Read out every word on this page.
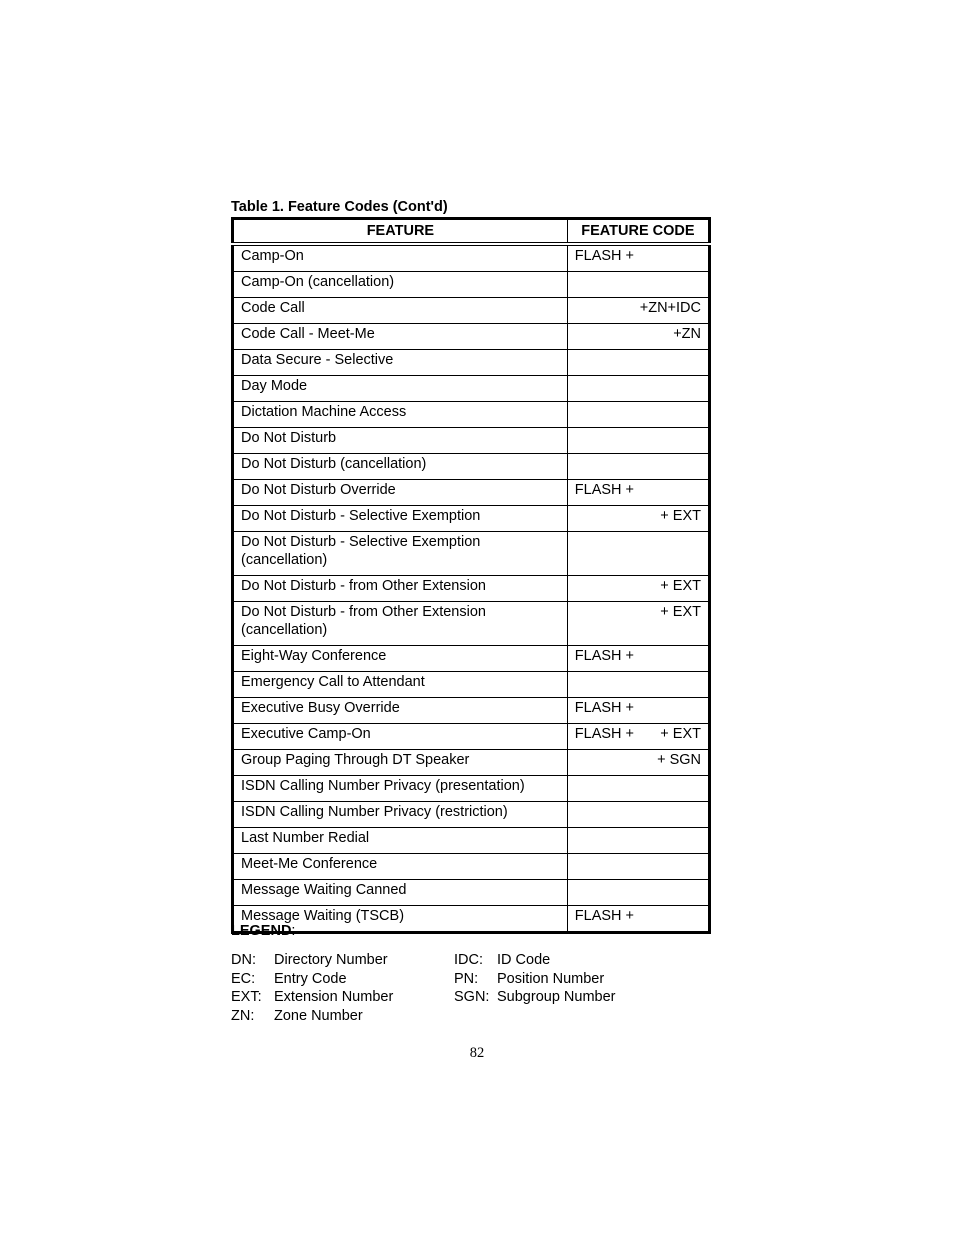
Table 1. Feature Codes (Cont'd)
FEATURE	FEATURE CODE
Camp-On	FLASH +

Camp-On (cancellation)	

Code Call	+ZN+IDC

Code Call - Meet-Me	+ZN

Data Secure - Selective	

Day Mode	

Dictation Machine Access	

Do Not Disturb	

Do Not Disturb (cancellation)	

Do Not Disturb Override	FLASH +

Do Not Disturb - Selective Exemption	+ EXT

Do Not Disturb - Selective Exemption (cancellation)	

Do Not Disturb - from Other Extension	+ EXT

Do Not Disturb - from Other Extension (cancellation)	+ EXT

Eight-Way Conference	FLASH +

Emergency Call to Attendant	

Executive Busy Override	FLASH +

Executive Camp-On	FLASH + + EXT

Group Paging Through DT Speaker	+ SGN

ISDN Calling Number Privacy (presentation)	

ISDN Calling Number Privacy (restriction)	

Last Number Redial	

Meet-Me Conference	

Message Waiting Canned	

Message Waiting (TSCB)	FLASH +
LEGEND:
DN: Directory Number
EC: Entry Code
EXT: Extension Number
ZN: Zone Number
IDC: ID Code
PN: Position Number
SGN: Subgroup Number
82
